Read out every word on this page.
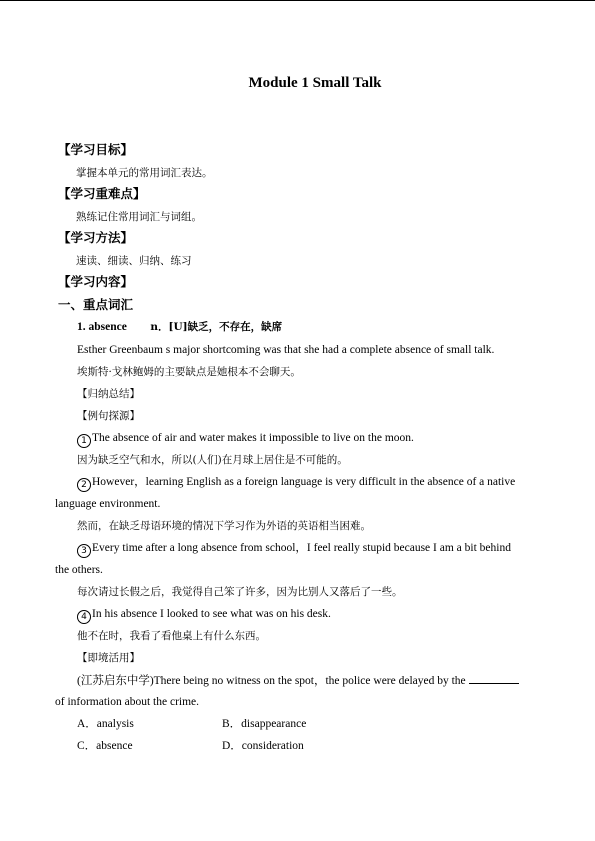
Module 1 Small Talk
【学习目标】
掌握本单元的常用词汇表达。
【学习重难点】
熟练记住常用词汇与词组。
【学习方法】
速读、细读、归纳、练习
【学习内容】
一、重点词汇
1. absence n．[U]缺乏，不存在，缺席
Esther Greenbaum s major shortcoming was that she had a complete absence of small talk.
埃斯特·戈林鲍姆的主要缺点是她根本不会聊天。
【归纳总结】
【例句探源】
1 The absence of air and water makes it impossible to live on the moon.
因为缺乏空气和水，所以(人们)在月球上居住是不可能的。
2 However，learning English as a foreign language is very difficult in the absence of a native
language environment.
然而，在缺乏母语环境的情况下学习作为外语的英语相当困难。
3 Every time after a long absence from school，I feel really stupid because I am a bit behind
the others.
每次请过长假之后，我觉得自己笨了许多，因为比别人又落后了一些。
4 In his absence I looked to see what was on his desk.
他不在时，我看了看他桌上有什么东西。
【即境活用】
(江苏启东中学)There being no witness on the spot，the police were delayed by the
of information about the crime.
A．analysis	B．disappearance
C．absence	D．consideration
